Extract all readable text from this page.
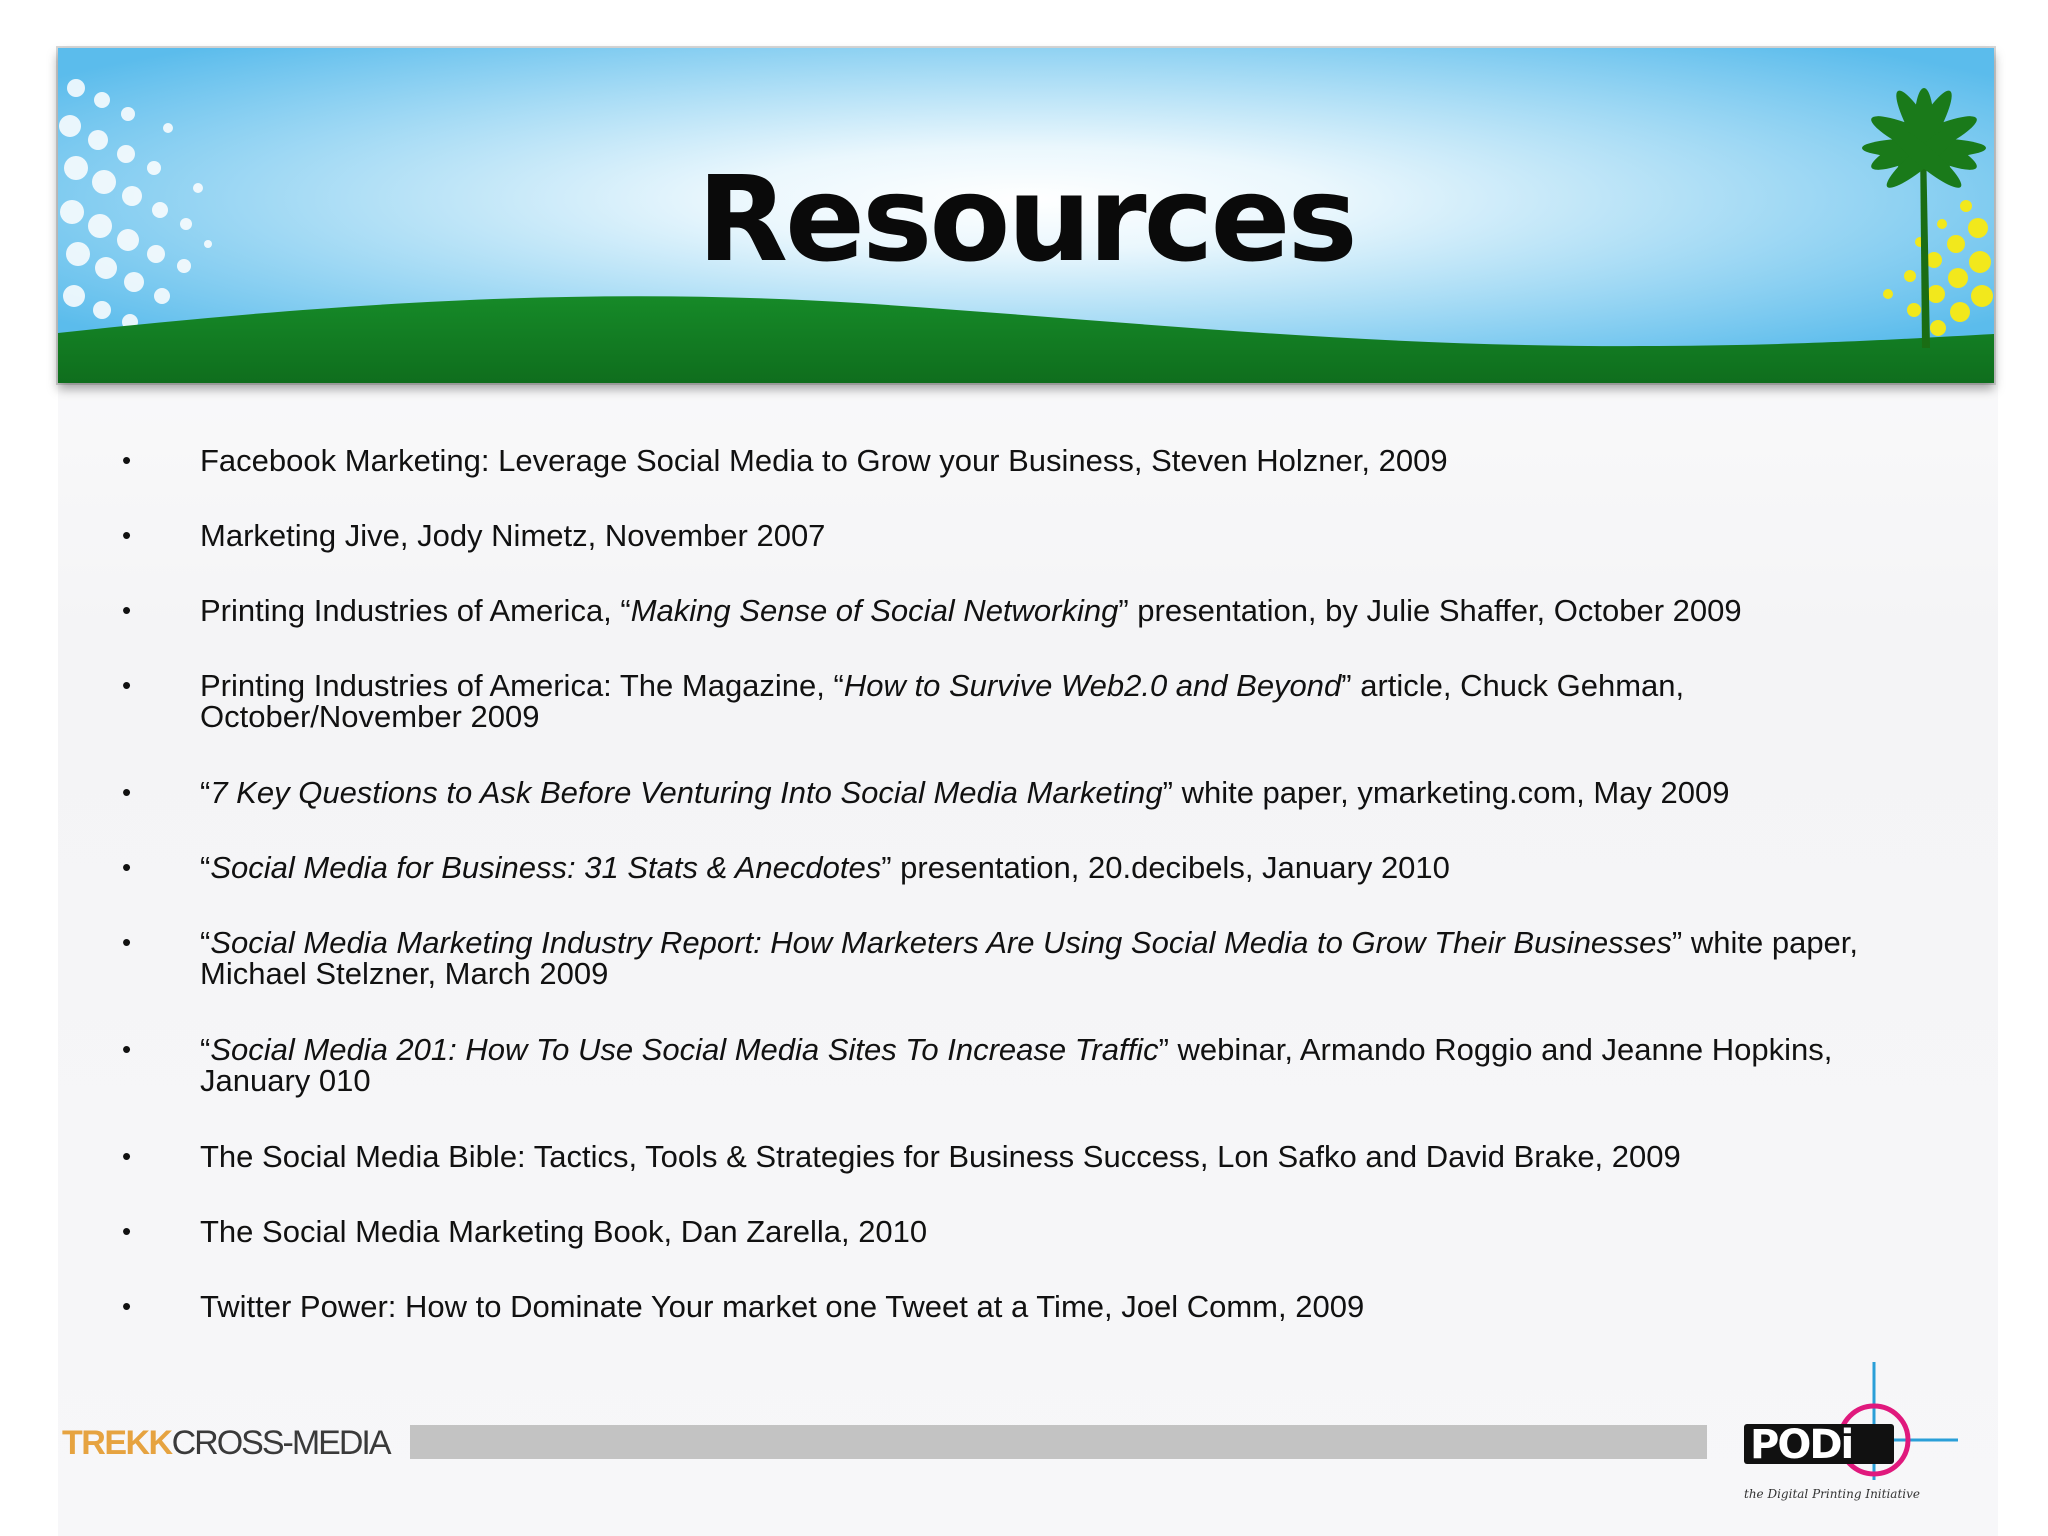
Resources
• Facebook Marketing: Leverage Social Media to Grow your Business, Steven Holzner, 2009
• Marketing Jive, Jody Nimetz, November 2007
• Printing Industries of America, “Making Sense of Social Networking” presentation, by Julie Shaffer, October 2009
• Printing Industries of America: The Magazine, “How to Survive Web2.0 and Beyond” article, Chuck Gehman, October/November 2009
• “7 Key Questions to Ask Before Venturing Into Social Media Marketing” white paper, ymarketing.com, May 2009
• “Social Media for Business: 31 Stats & Anecdotes” presentation, 20.decibels, January 2010
• “Social Media Marketing Industry Report: How Marketers Are Using Social Media to Grow Their Businesses” white paper, Michael Stelzner, March 2009
• “Social Media 201: How To Use Social Media Sites To Increase Traffic” webinar, Armando Roggio and Jeanne Hopkins, January 010
• The Social Media Bible: Tactics, Tools & Strategies for Business Success, Lon Safko and David Brake, 2009
• The Social Media Marketing Book, Dan Zarella, 2010
• Twitter Power: How to Dominate Your market one Tweet at a Time, Joel Comm, 2009
TREKKCROSS-MEDIA	PODi
the Digital Printing Initiative
